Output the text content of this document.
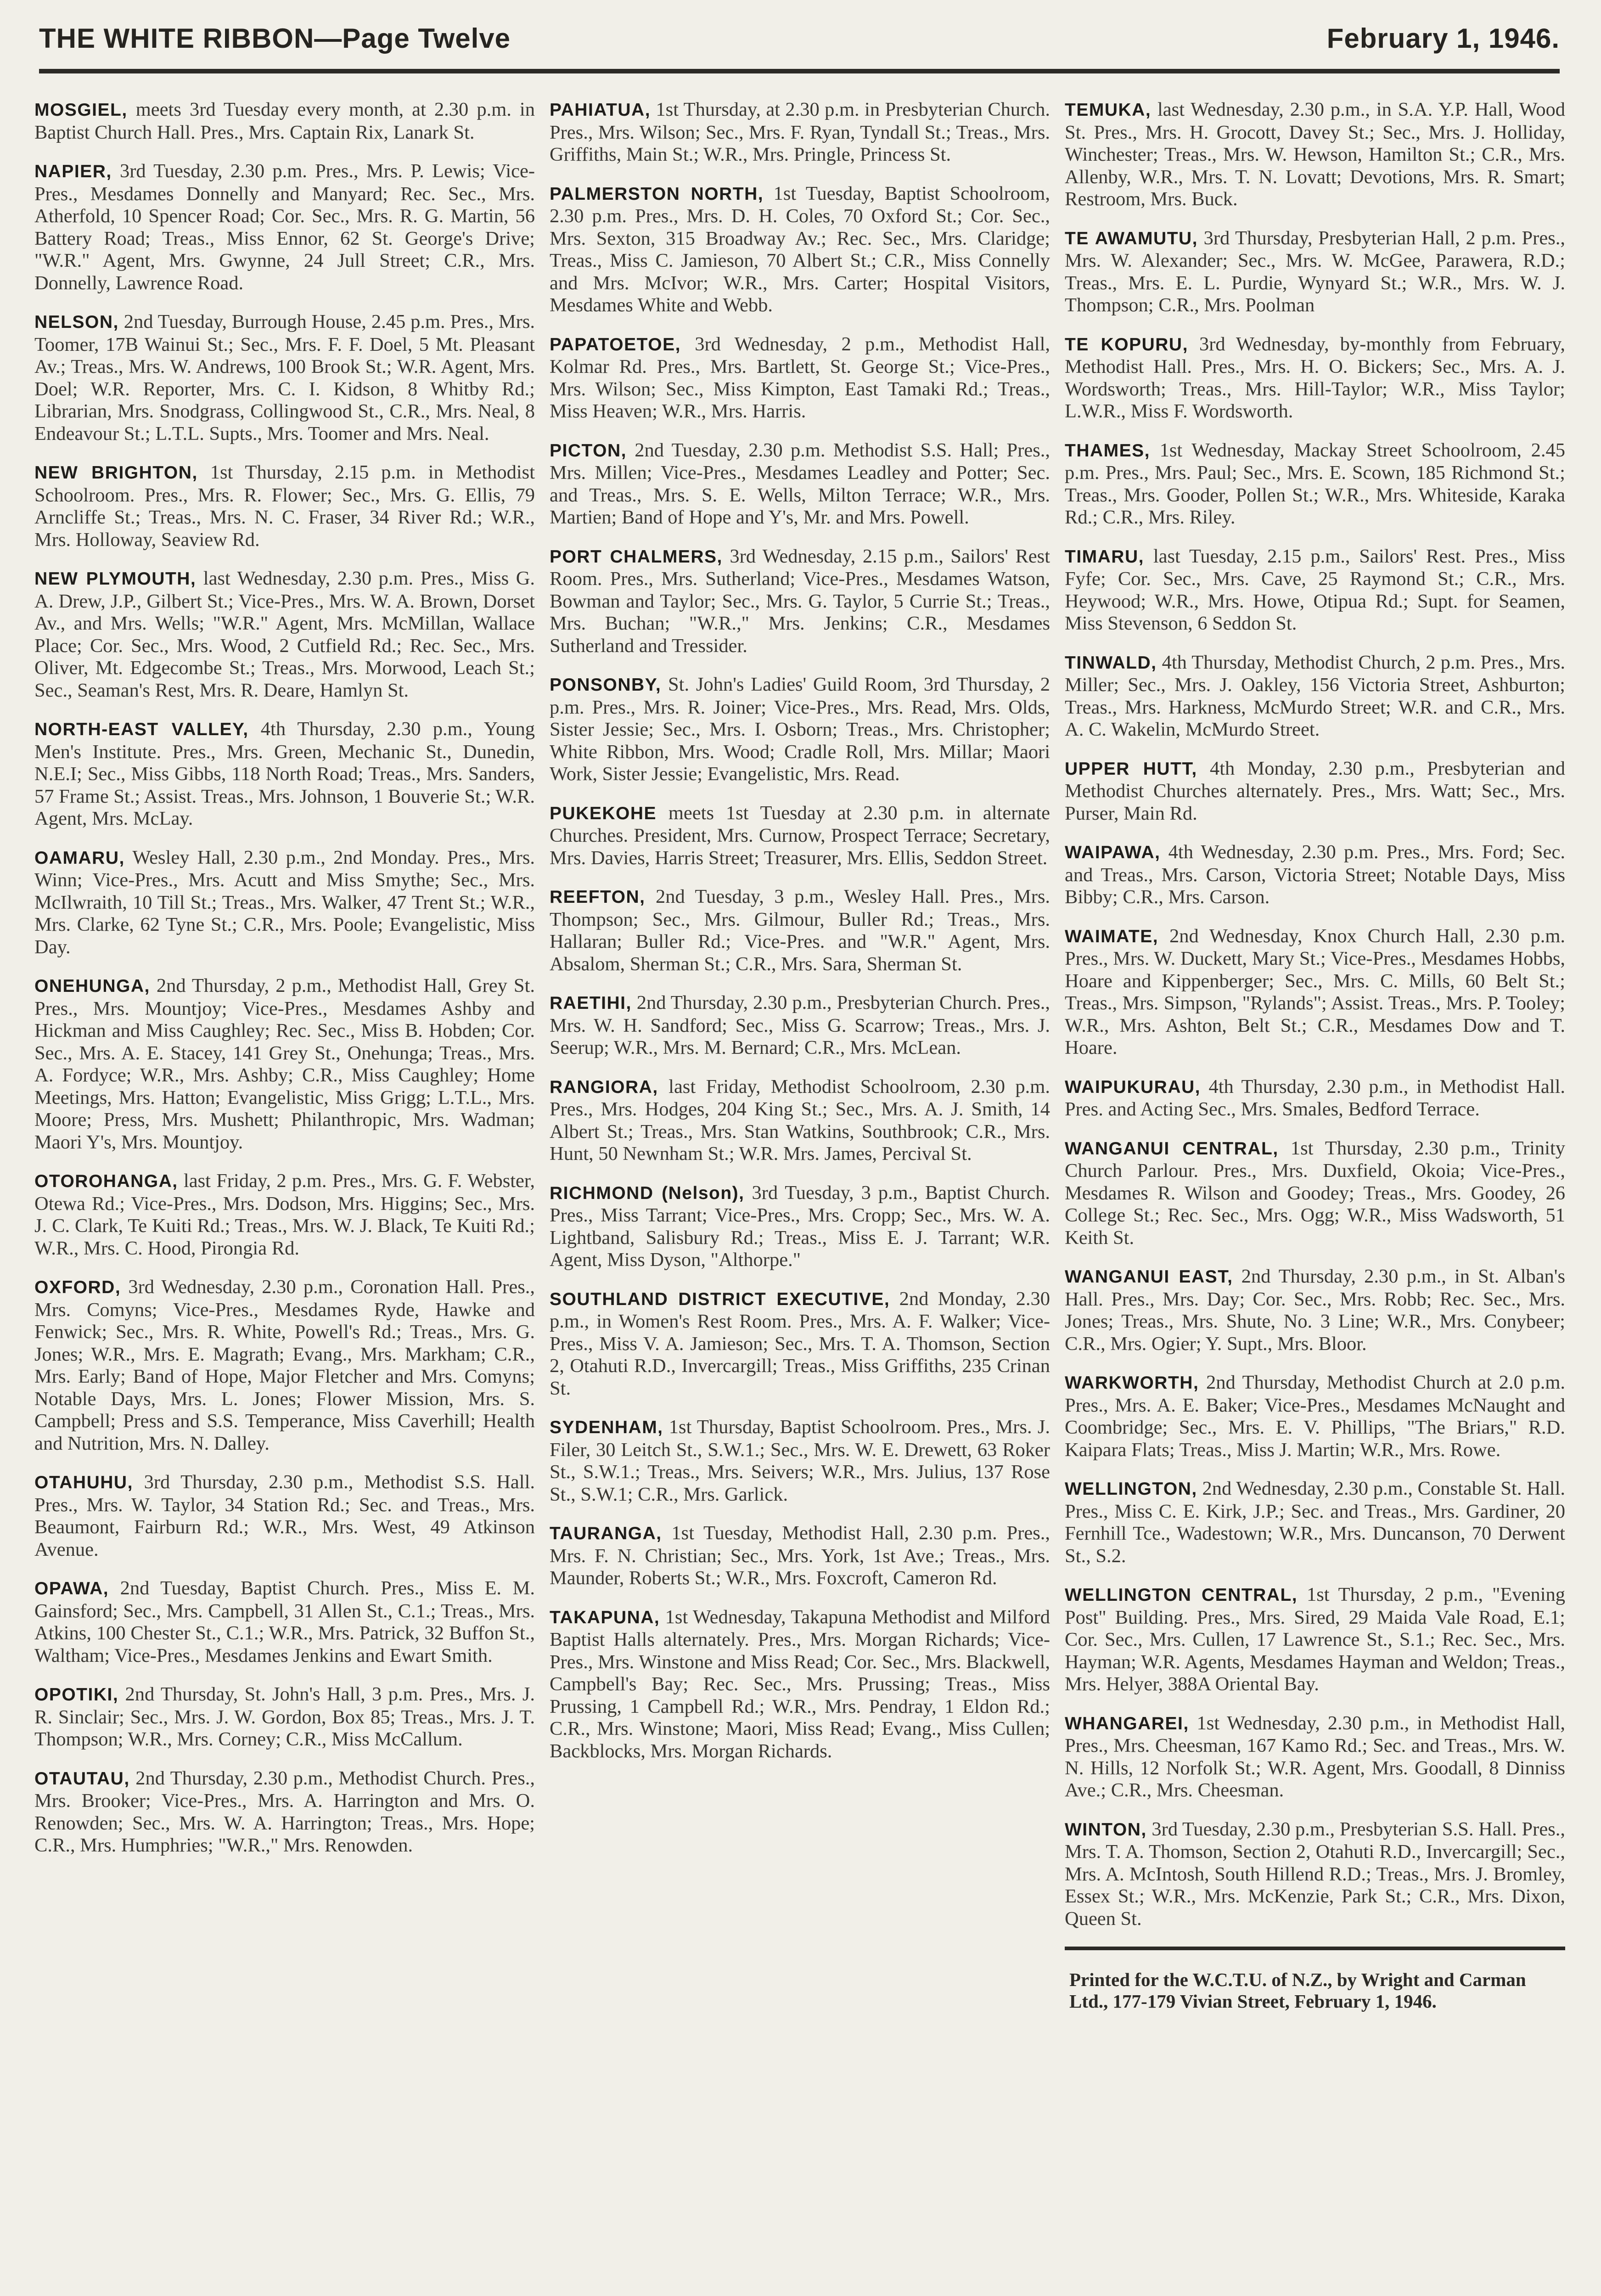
THE WHITE RIBBON—Page Twelve	February 1, 1946.

MOSGIEL, meets 3rd Tuesday every month, at 2.30 p.m. in Baptist Church Hall. Pres., Mrs. Captain Rix, Lanark St.

NAPIER, 3rd Tuesday, 2.30 p.m. Pres., Mrs. P. Lewis; Vice-Pres., Mesdames Donnelly and Manyard; Rec. Sec., Mrs. Atherfold, 10 Spencer Road; Cor. Sec., Mrs. R. G. Martin, 56 Battery Road; Treas., Miss Ennor, 62 St. George's Drive; "W.R." Agent, Mrs. Gwynne, 24 Jull Street; C.R., Mrs. Donnelly, Lawrence Road.

NELSON, 2nd Tuesday, Burrough House, 2.45 p.m. Pres., Mrs. Toomer, 17B Wainui St.; Sec., Mrs. F. F. Doel, 5 Mt. Pleasant Av.; Treas., Mrs. W. Andrews, 100 Brook St.; W.R. Agent, Mrs. Doel; W.R. Reporter, Mrs. C. I. Kidson, 8 Whitby Rd.; Librarian, Mrs. Snodgrass, Collingwood St., C.R., Mrs. Neal, 8 Endeavour St.; L.T.L. Supts., Mrs. Toomer and Mrs. Neal.

NEW BRIGHTON, 1st Thursday, 2.15 p.m. in Methodist Schoolroom. Pres., Mrs. R. Flower; Sec., Mrs. G. Ellis, 79 Arncliffe St.; Treas., Mrs. N. C. Fraser, 34 River Rd.; W.R., Mrs. Holloway, Seaview Rd.

NEW PLYMOUTH, last Wednesday, 2.30 p.m. Pres., Miss G. A. Drew, J.P., Gilbert St.; Vice-Pres., Mrs. W. A. Brown, Dorset Av., and Mrs. Wells; "W.R." Agent, Mrs. McMillan, Wallace Place; Cor. Sec., Mrs. Wood, 2 Cutfield Rd.; Rec. Sec., Mrs. Oliver, Mt. Edgecombe St.; Treas., Mrs. Morwood, Leach St.; Sec., Seaman's Rest, Mrs. R. Deare, Hamlyn St.

NORTH-EAST VALLEY, 4th Thursday, 2.30 p.m., Young Men's Institute. Pres., Mrs. Green, Mechanic St., Dunedin, N.E.I; Sec., Miss Gibbs, 118 North Road; Treas., Mrs. Sanders, 57 Frame St.; Assist. Treas., Mrs. Johnson, 1 Bouverie St.; W.R. Agent, Mrs. McLay.

OAMARU, Wesley Hall, 2.30 p.m., 2nd Monday. Pres., Mrs. Winn; Vice-Pres., Mrs. Acutt and Miss Smythe; Sec., Mrs. McIlwraith, 10 Till St.; Treas., Mrs. Walker, 47 Trent St.; W.R., Mrs. Clarke, 62 Tyne St.; C.R., Mrs. Poole; Evangelistic, Miss Day.

ONEHUNGA, 2nd Thursday, 2 p.m., Methodist Hall, Grey St. Pres., Mrs. Mountjoy; Vice-Pres., Mesdames Ashby and Hickman and Miss Caughley; Rec. Sec., Miss B. Hobden; Cor. Sec., Mrs. A. E. Stacey, 141 Grey St., Onehunga; Treas., Mrs. A. Fordyce; W.R., Mrs. Ashby; C.R., Miss Caughley; Home Meetings, Mrs. Hatton; Evangelistic, Miss Grigg; L.T.L., Mrs. Moore; Press, Mrs. Mushett; Philanthropic, Mrs. Wadman; Maori Y's, Mrs. Mountjoy.

OTOROHANGA, last Friday, 2 p.m. Pres., Mrs. G. F. Webster, Otewa Rd.; Vice-Pres., Mrs. Dodson, Mrs. Higgins; Sec., Mrs. J. C. Clark, Te Kuiti Rd.; Treas., Mrs. W. J. Black, Te Kuiti Rd.; W.R., Mrs. C. Hood, Pirongia Rd.

OXFORD, 3rd Wednesday, 2.30 p.m., Coronation Hall. Pres., Mrs. Comyns; Vice-Pres., Mesdames Ryde, Hawke and Fenwick; Sec., Mrs. R. White, Powell's Rd.; Treas., Mrs. G. Jones; W.R., Mrs. E. Magrath; Evang., Mrs. Markham; C.R., Mrs. Early; Band of Hope, Major Fletcher and Mrs. Comyns; Notable Days, Mrs. L. Jones; Flower Mission, Mrs. S. Campbell; Press and S.S. Temperance, Miss Caverhill; Health and Nutrition, Mrs. N. Dalley.

OTAHUHU, 3rd Thursday, 2.30 p.m., Methodist S.S. Hall. Pres., Mrs. W. Taylor, 34 Station Rd.; Sec. and Treas., Mrs. Beaumont, Fairburn Rd.; W.R., Mrs. West, 49 Atkinson Avenue.

OPAWA, 2nd Tuesday, Baptist Church. Pres., Miss E. M. Gainsford; Sec., Mrs. Campbell, 31 Allen St., C.1.; Treas., Mrs. Atkins, 100 Chester St., C.1.; W.R., Mrs. Patrick, 32 Buffon St., Waltham; Vice-Pres., Mesdames Jenkins and Ewart Smith.

OPOTIKI, 2nd Thursday, St. John's Hall, 3 p.m. Pres., Mrs. J. R. Sinclair; Sec., Mrs. J. W. Gordon, Box 85; Treas., Mrs. J. T. Thompson; W.R., Mrs. Corney; C.R., Miss McCallum.

OTAUTAU, 2nd Thursday, 2.30 p.m., Methodist Church. Pres., Mrs. Brooker; Vice-Pres., Mrs. A. Harrington and Mrs. O. Renowden; Sec., Mrs. W. A. Harrington; Treas., Mrs. Hope; C.R., Mrs. Humphries; "W.R.," Mrs. Renowden.

PAHIATUA, 1st Thursday, at 2.30 p.m. in Presbyterian Church. Pres., Mrs. Wilson; Sec., Mrs. F. Ryan, Tyndall St.; Treas., Mrs. Griffiths, Main St.; W.R., Mrs. Pringle, Princess St.

PALMERSTON NORTH, 1st Tuesday, Baptist Schoolroom, 2.30 p.m. Pres., Mrs. D. H. Coles, 70 Oxford St.; Cor. Sec., Mrs. Sexton, 315 Broadway Av.; Rec. Sec., Mrs. Claridge; Treas., Miss C. Jamieson, 70 Albert St.; C.R., Miss Connelly and Mrs. McIvor; W.R., Mrs. Carter; Hospital Visitors, Mesdames White and Webb.

PAPATOETOE, 3rd Wednesday, 2 p.m., Methodist Hall, Kolmar Rd. Pres., Mrs. Bartlett, St. George St.; Vice-Pres., Mrs. Wilson; Sec., Miss Kimpton, East Tamaki Rd.; Treas., Miss Heaven; W.R., Mrs. Harris.

PICTON, 2nd Tuesday, 2.30 p.m. Methodist S.S. Hall; Pres., Mrs. Millen; Vice-Pres., Mesdames Leadley and Potter; Sec. and Treas., Mrs. S. E. Wells, Milton Terrace; W.R., Mrs. Martien; Band of Hope and Y's, Mr. and Mrs. Powell.

PORT CHALMERS, 3rd Wednesday, 2.15 p.m., Sailors' Rest Room. Pres., Mrs. Sutherland; Vice-Pres., Mesdames Watson, Bowman and Taylor; Sec., Mrs. G. Taylor, 5 Currie St.; Treas., Mrs. Buchan; "W.R.," Mrs. Jenkins; C.R., Mesdames Sutherland and Tressider.

PONSONBY, St. John's Ladies' Guild Room, 3rd Thursday, 2 p.m. Pres., Mrs. R. Joiner; Vice-Pres., Mrs. Read, Mrs. Olds, Sister Jessie; Sec., Mrs. I. Osborn; Treas., Mrs. Christopher; White Ribbon, Mrs. Wood; Cradle Roll, Mrs. Millar; Maori Work, Sister Jessie; Evangelistic, Mrs. Read.

PUKEKOHE meets 1st Tuesday at 2.30 p.m. in alternate Churches. President, Mrs. Curnow, Prospect Terrace; Secretary, Mrs. Davies, Harris Street; Treasurer, Mrs. Ellis, Seddon Street.

REEFTON, 2nd Tuesday, 3 p.m., Wesley Hall. Pres., Mrs. Thompson; Sec., Mrs. Gilmour, Buller Rd.; Treas., Mrs. Hallaran; Buller Rd.; Vice-Pres. and "W.R." Agent, Mrs. Absalom, Sherman St.; C.R., Mrs. Sara, Sherman St.

RAETIHI, 2nd Thursday, 2.30 p.m., Presbyterian Church. Pres., Mrs. W. H. Sandford; Sec., Miss G. Scarrow; Treas., Mrs. J. Seerup; W.R., Mrs. M. Bernard; C.R., Mrs. McLean.

RANGIORA, last Friday, Methodist Schoolroom, 2.30 p.m. Pres., Mrs. Hodges, 204 King St.; Sec., Mrs. A. J. Smith, 14 Albert St.; Treas., Mrs. Stan Watkins, Southbrook; C.R., Mrs. Hunt, 50 Newnham St.; W.R. Mrs. James, Percival St.

RICHMOND (Nelson), 3rd Tuesday, 3 p.m., Baptist Church. Pres., Miss Tarrant; Vice-Pres., Mrs. Cropp; Sec., Mrs. W. A. Lightband, Salisbury Rd.; Treas., Miss E. J. Tarrant; W.R. Agent, Miss Dyson, "Althorpe."

SOUTHLAND DISTRICT EXECUTIVE, 2nd Monday, 2.30 p.m., in Women's Rest Room. Pres., Mrs. A. F. Walker; Vice-Pres., Miss V. A. Jamieson; Sec., Mrs. T. A. Thomson, Section 2, Otahuti R.D., Invercargill; Treas., Miss Griffiths, 235 Crinan St.

SYDENHAM, 1st Thursday, Baptist Schoolroom. Pres., Mrs. J. Filer, 30 Leitch St., S.W.1.; Sec., Mrs. W. E. Drewett, 63 Roker St., S.W.1.; Treas., Mrs. Seivers; W.R., Mrs. Julius, 137 Rose St., S.W.1; C.R., Mrs. Garlick.

TAURANGA, 1st Tuesday, Methodist Hall, 2.30 p.m. Pres., Mrs. F. N. Christian; Sec., Mrs. York, 1st Ave.; Treas., Mrs. Maunder, Roberts St.; W.R., Mrs. Foxcroft, Cameron Rd.

TAKAPUNA, 1st Wednesday, Takapuna Methodist and Milford Baptist Halls alternately. Pres., Mrs. Morgan Richards; Vice-Pres., Mrs. Winstone and Miss Read; Cor. Sec., Mrs. Blackwell, Campbell's Bay; Rec. Sec., Mrs. Prussing; Treas., Miss Prussing, 1 Campbell Rd.; W.R., Mrs. Pendray, 1 Eldon Rd.; C.R., Mrs. Winstone; Maori, Miss Read; Evang., Miss Cullen; Backblocks, Mrs. Morgan Richards.

TEMUKA, last Wednesday, 2.30 p.m., in S.A. Y.P. Hall, Wood St. Pres., Mrs. H. Grocott, Davey St.; Sec., Mrs. J. Holliday, Winchester; Treas., Mrs. W. Hewson, Hamilton St.; C.R., Mrs. Allenby, W.R., Mrs. T. N. Lovatt; Devotions, Mrs. R. Smart; Restroom, Mrs. Buck.

TE AWAMUTU, 3rd Thursday, Presbyterian Hall, 2 p.m. Pres., Mrs. W. Alexander; Sec., Mrs. W. McGee, Parawera, R.D.; Treas., Mrs. E. L. Purdie, Wynyard St.; W.R., Mrs. W. J. Thompson; C.R., Mrs. Poolman

TE KOPURU, 3rd Wednesday, by-monthly from February, Methodist Hall. Pres., Mrs. H. O. Bickers; Sec., Mrs. A. J. Wordsworth; Treas., Mrs. Hill-Taylor; W.R., Miss Taylor; L.W.R., Miss F. Wordsworth.

THAMES, 1st Wednesday, Mackay Street Schoolroom, 2.45 p.m. Pres., Mrs. Paul; Sec., Mrs. E. Scown, 185 Richmond St.; Treas., Mrs. Gooder, Pollen St.; W.R., Mrs. Whiteside, Karaka Rd.; C.R., Mrs. Riley.

TIMARU, last Tuesday, 2.15 p.m., Sailors' Rest. Pres., Miss Fyfe; Cor. Sec., Mrs. Cave, 25 Raymond St.; C.R., Mrs. Heywood; W.R., Mrs. Howe, Otipua Rd.; Supt. for Seamen, Miss Stevenson, 6 Seddon St.

TINWALD, 4th Thursday, Methodist Church, 2 p.m. Pres., Mrs. Miller; Sec., Mrs. J. Oakley, 156 Victoria Street, Ashburton; Treas., Mrs. Harkness, McMurdo Street; W.R. and C.R., Mrs. A. C. Wakelin, McMurdo Street.

UPPER HUTT, 4th Monday, 2.30 p.m., Presbyterian and Methodist Churches alternately. Pres., Mrs. Watt; Sec., Mrs. Purser, Main Rd.

WAIPAWA, 4th Wednesday, 2.30 p.m. Pres., Mrs. Ford; Sec. and Treas., Mrs. Carson, Victoria Street; Notable Days, Miss Bibby; C.R., Mrs. Carson.

WAIMATE, 2nd Wednesday, Knox Church Hall, 2.30 p.m. Pres., Mrs. W. Duckett, Mary St.; Vice-Pres., Mesdames Hobbs, Hoare and Kippenberger; Sec., Mrs. C. Mills, 60 Belt St.; Treas., Mrs. Simpson, "Rylands"; Assist. Treas., Mrs. P. Tooley; W.R., Mrs. Ashton, Belt St.; C.R., Mesdames Dow and T. Hoare.

WAIPUKURAU, 4th Thursday, 2.30 p.m., in Methodist Hall. Pres. and Acting Sec., Mrs. Smales, Bedford Terrace.

WANGANUI CENTRAL, 1st Thursday, 2.30 p.m., Trinity Church Parlour. Pres., Mrs. Duxfield, Okoia; Vice-Pres., Mesdames R. Wilson and Goodey; Treas., Mrs. Goodey, 26 College St.; Rec. Sec., Mrs. Ogg; W.R., Miss Wadsworth, 51 Keith St.

WANGANUI EAST, 2nd Thursday, 2.30 p.m., in St. Alban's Hall. Pres., Mrs. Day; Cor. Sec., Mrs. Robb; Rec. Sec., Mrs. Jones; Treas., Mrs. Shute, No. 3 Line; W.R., Mrs. Conybeer; C.R., Mrs. Ogier; Y. Supt., Mrs. Bloor.

WARKWORTH, 2nd Thursday, Methodist Church at 2.0 p.m. Pres., Mrs. A. E. Baker; Vice-Pres., Mesdames McNaught and Coombridge; Sec., Mrs. E. V. Phillips, "The Briars," R.D. Kaipara Flats; Treas., Miss J. Martin; W.R., Mrs. Rowe.

WELLINGTON, 2nd Wednesday, 2.30 p.m., Constable St. Hall. Pres., Miss C. E. Kirk, J.P.; Sec. and Treas., Mrs. Gardiner, 20 Fernhill Tce., Wadestown; W.R., Mrs. Duncanson, 70 Derwent St., S.2.

WELLINGTON CENTRAL, 1st Thursday, 2 p.m., "Evening Post" Building. Pres., Mrs. Sired, 29 Maida Vale Road, E.1; Cor. Sec., Mrs. Cullen, 17 Lawrence St., S.1.; Rec. Sec., Mrs. Hayman; W.R. Agents, Mesdames Hayman and Weldon; Treas., Mrs. Helyer, 388A Oriental Bay.

WHANGAREI, 1st Wednesday, 2.30 p.m., in Methodist Hall, Pres., Mrs. Cheesman, 167 Kamo Rd.; Sec. and Treas., Mrs. W. N. Hills, 12 Norfolk St.; W.R. Agent, Mrs. Goodall, 8 Dinniss Ave.; C.R., Mrs. Cheesman.

WINTON, 3rd Tuesday, 2.30 p.m., Presbyterian S.S. Hall. Pres., Mrs. T. A. Thomson, Section 2, Otahuti R.D., Invercargill; Sec., Mrs. A. McIntosh, South Hillend R.D.; Treas., Mrs. J. Bromley, Essex St.; W.R., Mrs. McKenzie, Park St.; C.R., Mrs. Dixon, Queen St.

Printed for the W.C.T.U. of N.Z., by Wright and Carman Ltd., 177-179 Vivian Street, February 1, 1946.
